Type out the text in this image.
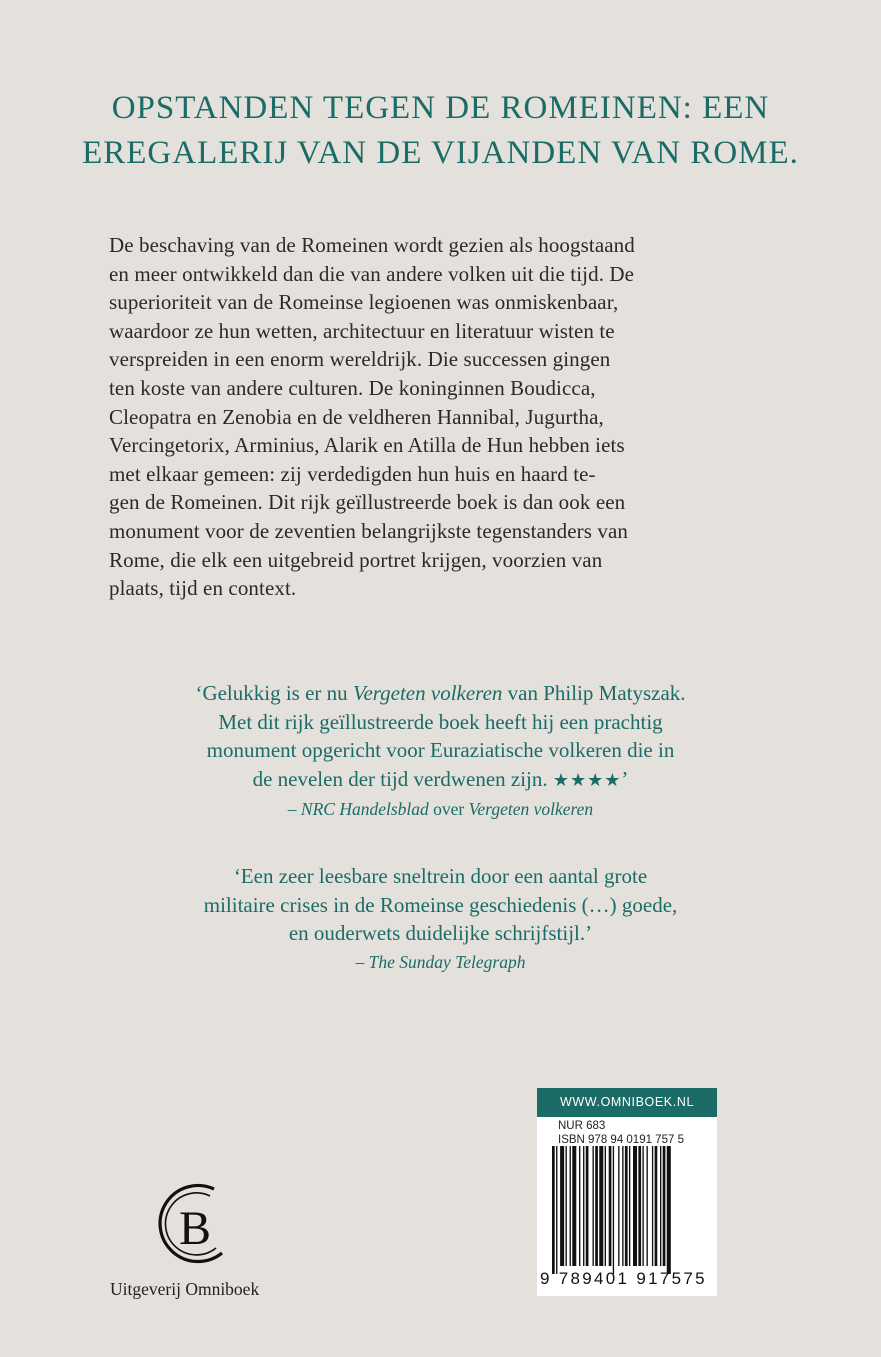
OPSTANDEN TEGEN DE ROMEINEN: EEN
EREGALERIJ VAN DE VIJANDEN VAN ROME.
De beschaving van de Romeinen wordt gezien als hoogstaand
en meer ontwikkeld dan die van andere volken uit die tijd. De
superioriteit van de Romeinse legioenen was onmiskenbaar,
waardoor ze hun wetten, architectuur en literatuur wisten te
verspreiden in een enorm wereldrijk. Die successen gingen
ten koste van andere culturen. De koninginnen Boudicca,
Cleopatra en Zenobia en de veldheren Hannibal, Jugurtha,
Vercingetorix, Arminius, Alarik en Atilla de Hun hebben iets
met elkaar gemeen: zij verdedigden hun huis en haard te-
gen de Romeinen. Dit rijk geïllustreerde boek is dan ook een
monument voor de zeventien belangrijkste tegenstanders van
Rome, die elk een uitgebreid portret krijgen, voorzien van
plaats, tijd en context.
‘Gelukkig is er nu Vergeten volkeren van Philip Matyszak.
Met dit rijk geïllustreerde boek heeft hij een prachtig
monument opgericht voor Euraziatische volkeren die in
de nevelen der tijd verdwenen zijn. ★★★★’
– NRC Handelsblad over Vergeten volkeren
‘Een zeer leesbare sneltrein door een aantal grote
militaire crises in de Romeinse geschiedenis (…) goede,
en ouderwets duidelijke schrijfstijl.’
– The Sunday Telegraph
B
Uitgeverij Omniboek
WWW.OMNIBOEK.NL
NUR 683
ISBN 978 94 0191 757 5
9 789401 917575
